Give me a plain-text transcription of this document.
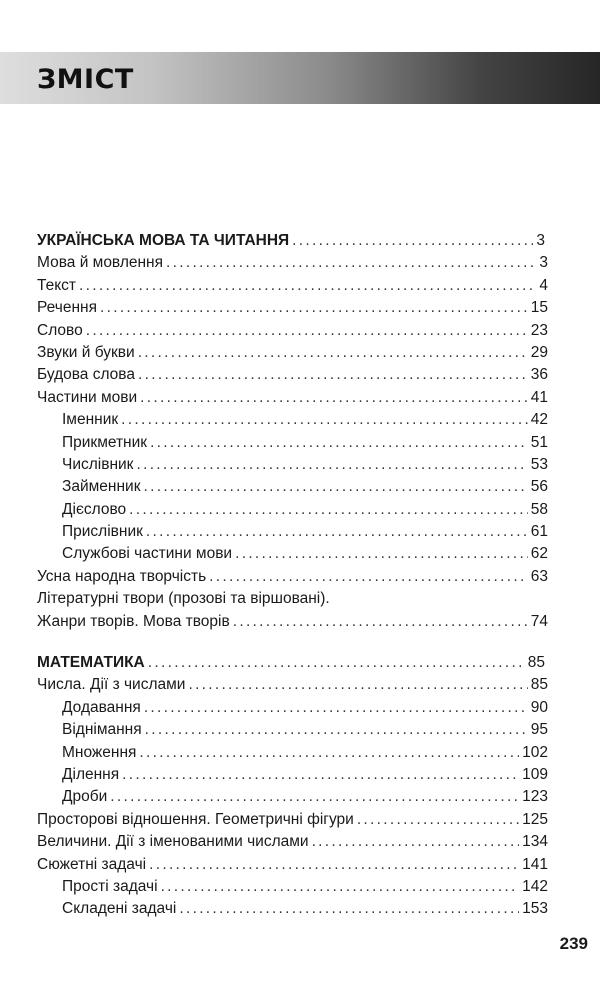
ЗМІСТ
УКРАЇНСЬКА МОВА ТА ЧИТАННЯ . . .	3
Мова й мовлення . . .	3
Текст . . .	4
Речення . . .	15
Слово . . .	23
Звуки й букви . . .	29
Будова слова . . .	36
Частини мови . . .	41
Іменник . . .	42
Прикметник . . .	51
Числівник . . .	53
Займенник . . .	56
Дієслово . . .	58
Прислівник . . .	61
Службові частини мови . . .	62
Усна народна творчість . . .	63
Літературні твори (прозові та віршовані).
Жанри творів. Мова творів . . .	74
МАТЕМАТИКА . . .	85
Числа. Дії з числами . . .	85
Додавання . . .	90
Віднімання . . .	95
Множення . . .	102
Ділення . . .	109
Дроби . . .	123
Просторові відношення. Геометричні фігури . . .	125
Величини. Дії з іменованими числами . . .	134
Сюжетні задачі . . .	141
Прості задачі . . .	142
Складені задачі . . .	153
239
